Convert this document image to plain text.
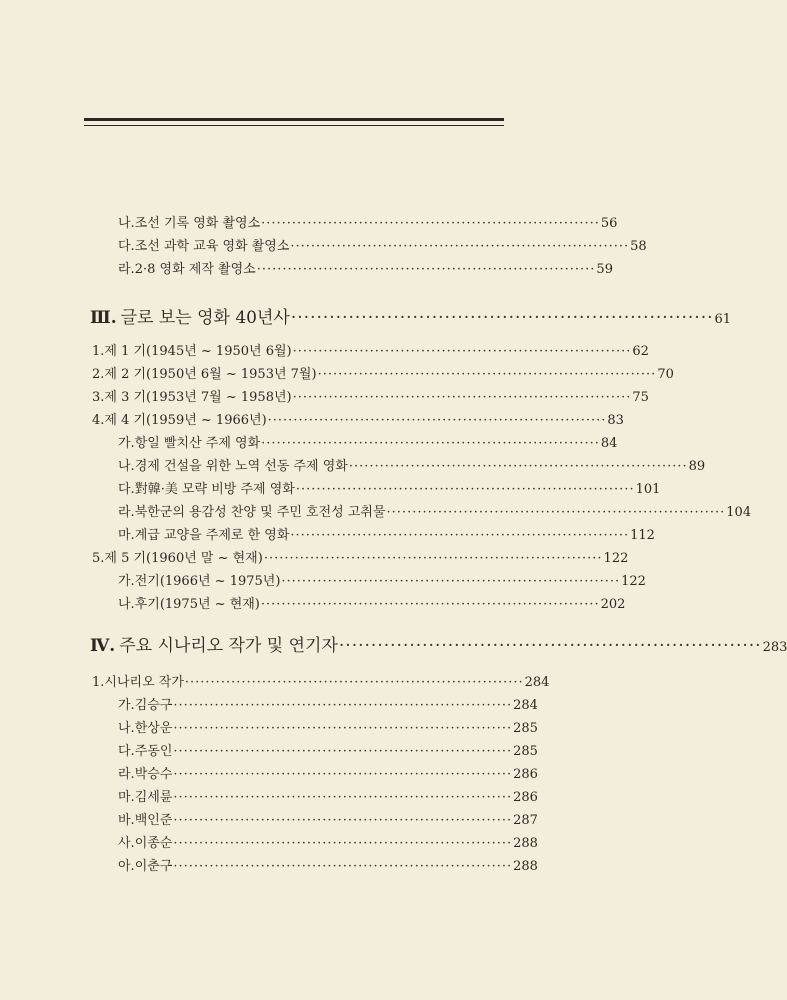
나. 조선 기록 영화 촬영소 ·································································· 56
다. 조선 과학 교육 영화 촬영소 ·································································· 58
라. 2·8 영화 제작 촬영소 ·································································· 59
Ⅲ. 글로 보는 영화 40년사 ·································································· 61
1. 제 1 기(1945년 ~ 1950년 6월) ·································································· 62
2. 제 2 기(1950년 6월 ~ 1953년 7월) ·································································· 70
3. 제 3 기(1953년 7월 ~ 1958년) ·································································· 75
4. 제 4 기(1959년 ~ 1966년) ·································································· 83
가. 항일 빨치산 주제 영화 ·································································· 84
나. 경제 건설을 위한 노역 선동 주제 영화 ·································································· 89
다. 對韓·美 모략 비방 주제 영화 ·································································· 101
라. 북한군의 용감성 찬양 및 주민 호전성 고취물 ·································································· 104
마. 계급 교양을 주제로 한 영화 ·································································· 112
5. 제 5 기(1960년 말 ~ 현재) ·································································· 122
가. 전기(1966년 ~ 1975년) ·································································· 122
나. 후기(1975년 ~ 현재) ·································································· 202
Ⅳ. 주요 시나리오 작가 및 연기자 ·································································· 283
1. 시나리오 작가 ·································································· 284
가. 김승구 ·································································· 284
나. 한상운 ·································································· 285
다. 주동인 ·································································· 285
라. 박승수 ·································································· 286
마. 김세륜 ·································································· 286
바. 백인준 ·································································· 287
사. 이종순 ·································································· 288
아. 이춘구 ·································································· 288
